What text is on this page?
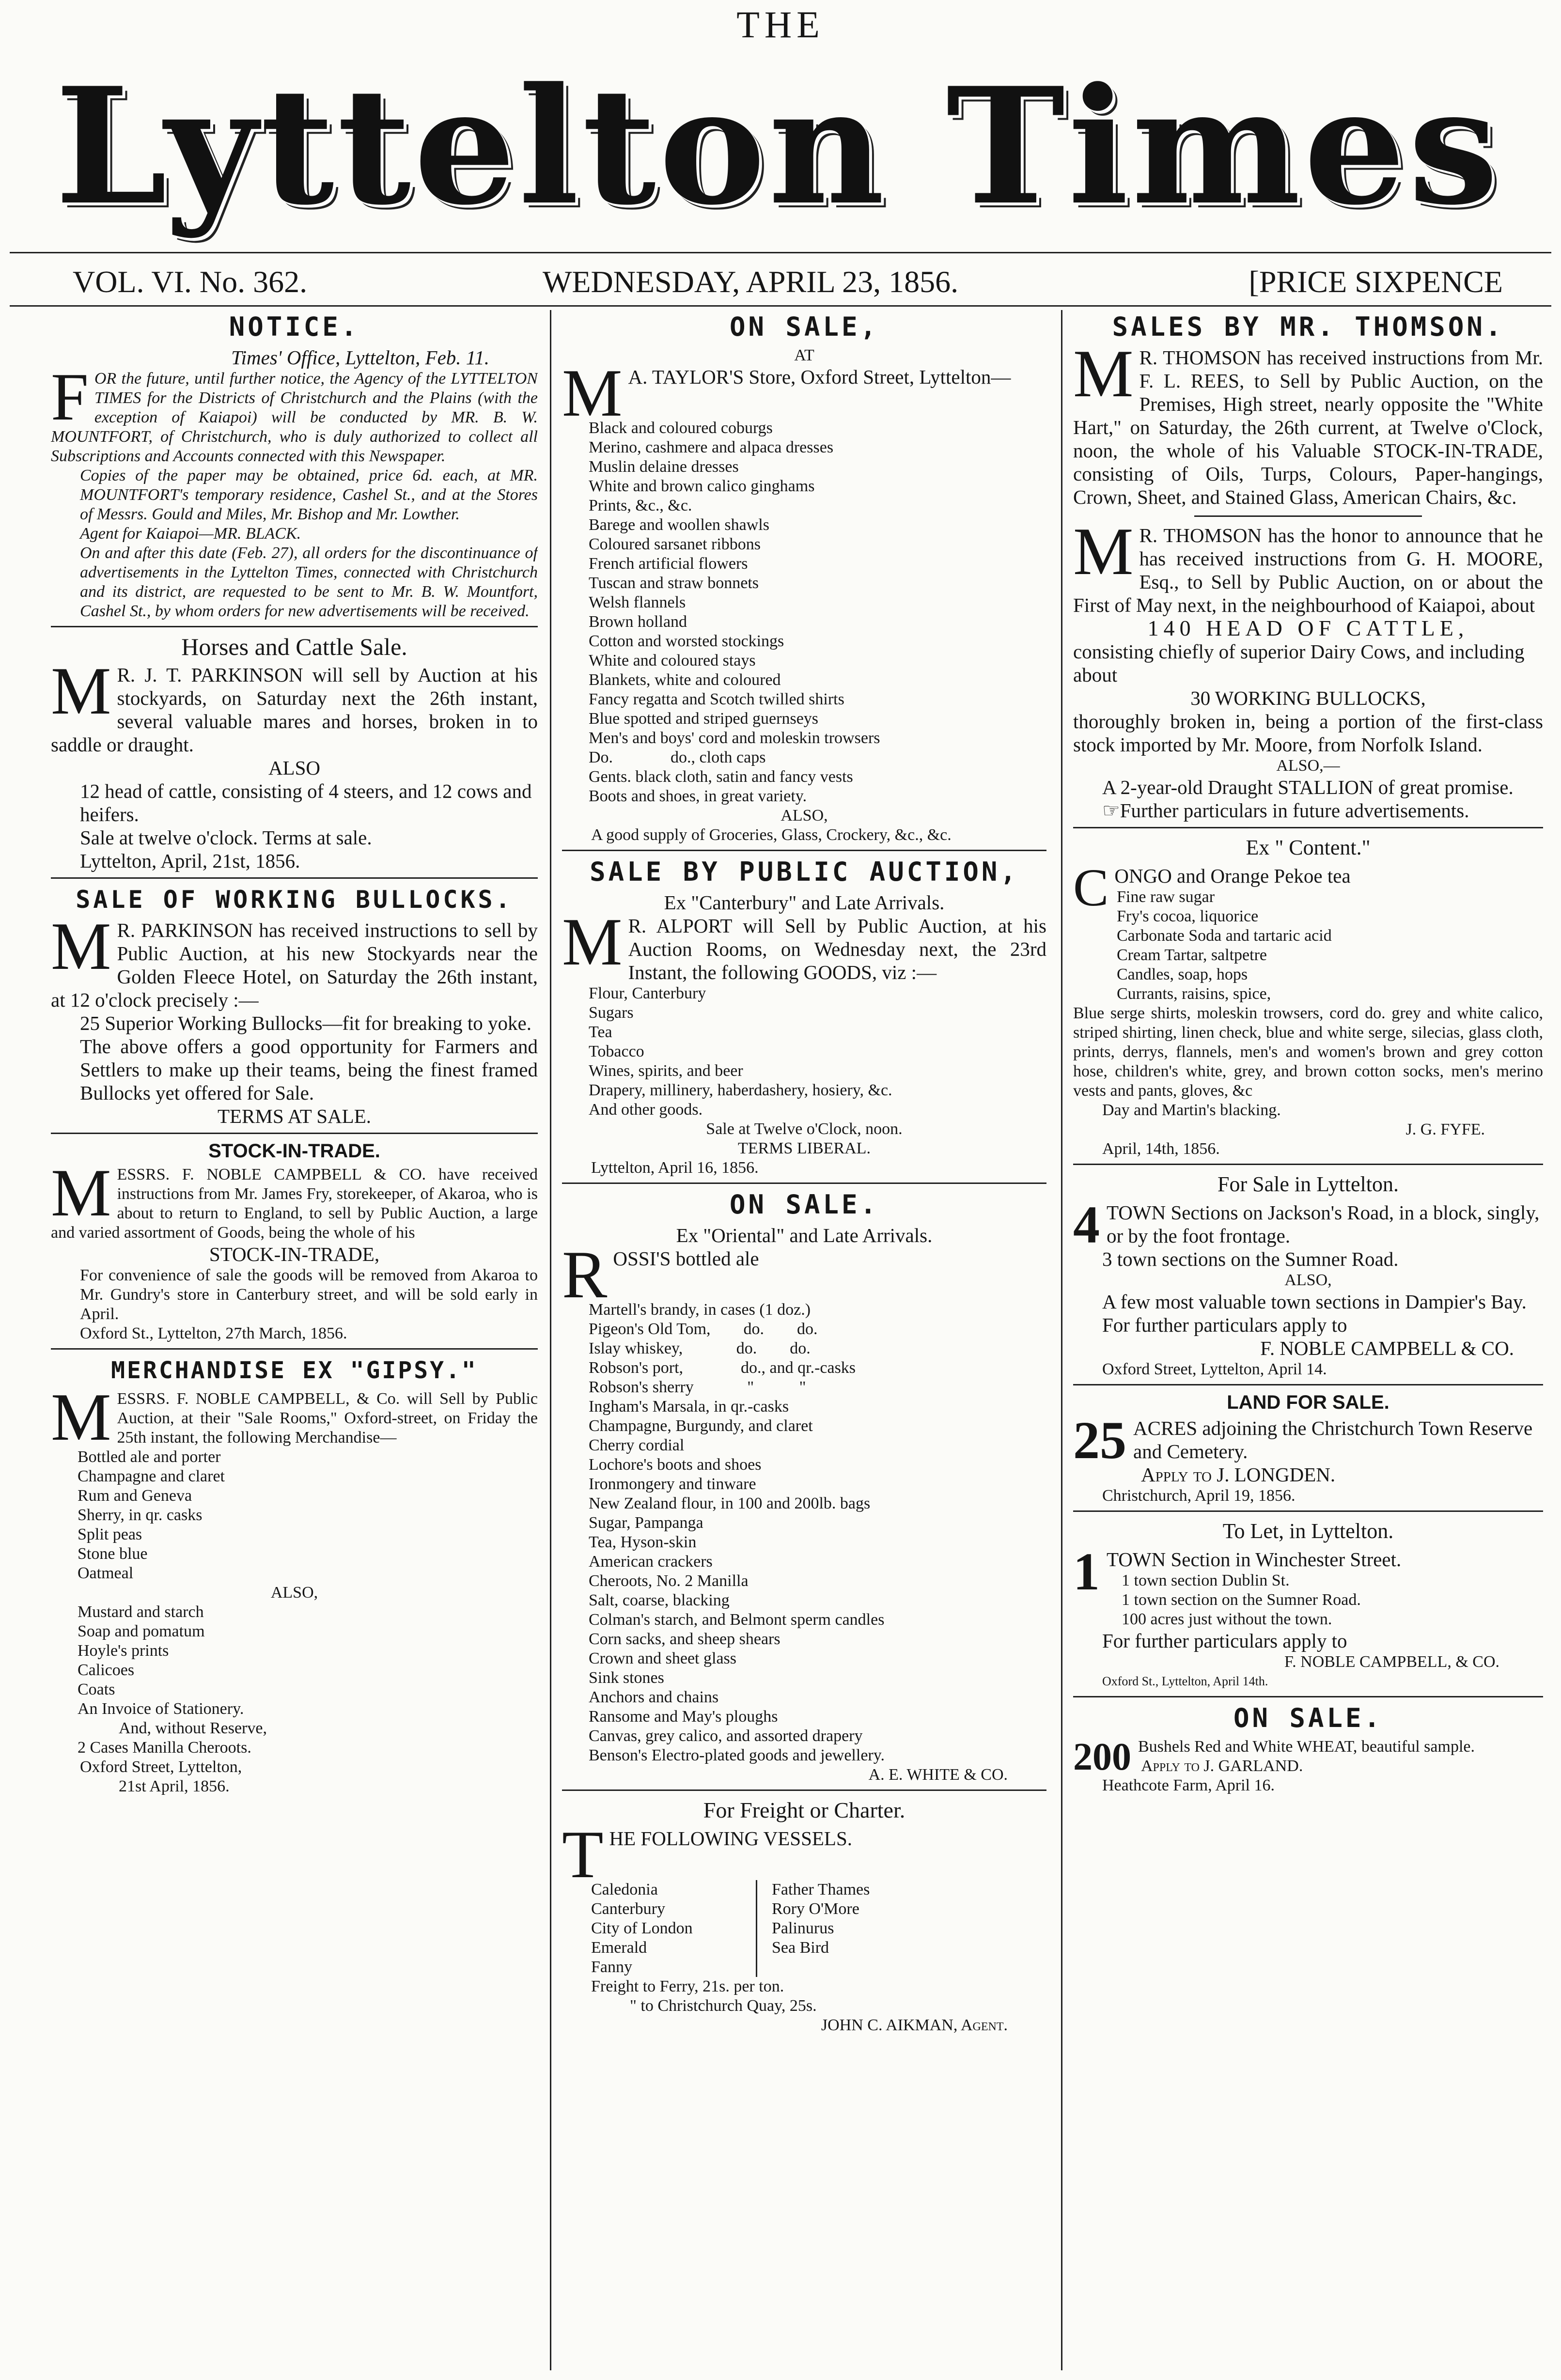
THE
Lyttelton Times
VOL. VI. No. 362.	WEDNESDAY, APRIL 23, 1856.	[PRICE SIXPENCE
NOTICE.

Times' Office, Lyttelton, Feb. 11.

FOR the future, until further notice, the Agency of the LYTTELTON TIMES for the Districts of Christchurch and the Plains (with the exception of Kaiapoi) will be conducted by MR. B. W. MOUNTFORT, of Christchurch, who is duly authorized to collect all Subscriptions and Accounts connected with this Newspaper.

Copies of the paper may be obtained, price 6d. each, at MR. MOUNTFORT's temporary residence, Cashel St., and at the Stores of Messrs. Gould and Miles, Mr. Bishop and Mr. Lowther.

Agent for Kaiapoi—MR. BLACK.

On and after this date (Feb. 27), all orders for the discontinuance of advertisements in the Lyttelton Times, connected with Christchurch and its district, are requested to be sent to Mr. B. W. Mountfort, Cashel St., by whom orders for new advertisements will be received.

Horses and Cattle Sale.

M R. J. T. PARKINSON will sell by Auction at his stockyards, on Saturday next the 26th instant, several valuable mares and horses, broken in to saddle or draught.

ALSO

12 head of cattle, consisting of 4 steers, and 12 cows and heifers.

Sale at twelve o'clock. Terms at sale.

Lyttelton, April, 21st, 1856.

SALE OF WORKING BULLOCKS.

M R. PARKINSON has received instructions to sell by Public Auction, at his new Stockyards near the Golden Fleece Hotel, on Saturday the 26th instant, at 12 o'clock precisely :—

25 Superior Working Bullocks—fit for breaking to yoke.

The above offers a good opportunity for Farmers and Settlers to make up their teams, being the finest framed Bullocks yet offered for Sale.

TERMS AT SALE.

STOCK-IN-TRADE.

MESSRS. F. NOBLE CAMPBELL & CO. have received instructions from Mr. James Fry, storekeeper, of Akaroa, who is about to return to England, to sell by Public Auction, a large and varied assortment of Goods, being the whole of his

STOCK-IN-TRADE,

For convenience of sale the goods will be removed from Akaroa to Mr. Gundry's store in Canterbury street, and will be sold early in April.

Oxford St., Lyttelton, 27th March, 1856.

MERCHANDISE EX "GIPSY."

MESSRS. F. NOBLE CAMPBELL, & Co. will Sell by Public Auction, at their "Sale Rooms," Oxford-street, on Friday the 25th instant, the following Merchandise—

Bottled ale and porter

Champagne and claret

Rum and Geneva

Sherry, in qr. casks

Split peas

Stone blue

Oatmeal

ALSO,

Mustard and starch

Soap and pomatum

Hoyle's prints

Calicoes

Coats

An Invoice of Stationery.

And, without Reserve,

2 Cases Manilla Cheroots.

Oxford Street, Lyttelton,

21st April, 1856.

ON SALE,

AT

M A. TAYLOR'S Store, Oxford Street, Lyttelton—

Black and coloured coburgs

Merino, cashmere and alpaca dresses

Muslin delaine dresses

White and brown calico ginghams

Prints, &c., &c.

Barege and woollen shawls

Coloured sarsanet ribbons

French artificial flowers

Tuscan and straw bonnets

Welsh flannels

Brown holland

Cotton and worsted stockings

White and coloured stays

Blankets, white and coloured

Fancy regatta and Scotch twilled shirts

Blue spotted and striped guernseys

Men's and boys' cord and moleskin trowsers

Do.              do., cloth caps

Gents. black cloth, satin and fancy vests

Boots and shoes, in great variety.

ALSO,

A good supply of Groceries, Glass, Crockery, &c., &c.

SALE BY PUBLIC AUCTION,

Ex "Canterbury" and Late Arrivals.

M R. ALPORT will Sell by Public Auction, at his Auction Rooms, on Wednesday next, the 23rd Instant, the following GOODS, viz :—

Flour, Canterbury

Sugars

Tea

Tobacco

Wines, spirits, and beer

Drapery, millinery, haberdashery, hosiery, &c.

And other goods.

Sale at Twelve o'Clock, noon.

TERMS LIBERAL.

Lyttelton, April 16, 1856.

ON SALE.

Ex "Oriental" and Late Arrivals.

ROSSI'S bottled ale

Martell's brandy, in cases (1 doz.)

Pigeon's Old Tom,        do.        do.

Islay whiskey,             do.        do.

Robson's port,              do., and qr.-casks

Robson's sherry             "           "

Ingham's Marsala, in qr.-casks

Champagne, Burgundy, and claret

Cherry cordial

Lochore's boots and shoes

Ironmongery and tinware

New Zealand flour, in 100 and 200lb. bags

Sugar, Pampanga

Tea, Hyson-skin

American crackers

Cheroots, No. 2 Manilla

Salt, coarse, blacking

Colman's starch, and Belmont sperm candles

Corn sacks, and sheep shears

Crown and sheet glass

Sink stones

Anchors and chains

Ransome and May's ploughs

Canvas, grey calico, and assorted drapery

Benson's Electro-plated goods and jewellery.

A. E. WHITE & CO.

For Freight or Charter.

THE FOLLOWING VESSELS.

Caledonia

Canterbury

City of London

Emerald

Fanny

Father Thames

Rory O'More

Palinurus

Sea Bird

Freight to Ferry, 21s. per ton.

" to Christchurch Quay, 25s.

JOHN C. AIKMAN, Agent.

SALES BY MR. THOMSON.

M R. THOMSON has received instructions from Mr. F. L. REES, to Sell by Public Auction, on the Premises, High street, nearly opposite the "White Hart," on Saturday, the 26th current, at Twelve o'Clock, noon, the whole of his Valuable STOCK-IN-TRADE, consisting of Oils, Turps, Colours, Paper-hangings, Crown, Sheet, and Stained Glass, American Chairs, &c.

M R. THOMSON has the honor to announce that he has received instructions from G. H. MOORE, Esq., to Sell by Public Auction, on or about the First of May next, in the neighbourhood of Kaiapoi, about

140 HEAD OF CATTLE,

consisting chiefly of superior Dairy Cows, and including about

30 WORKING BULLOCKS,

thoroughly broken in, being a portion of the first-class stock imported by Mr. Moore, from Norfolk Island.

ALSO,—

A 2-year-old Draught STALLION of great promise.

☞Further particulars in future advertisements.

Ex " Content."

CONGO and Orange Pekoe tea

Fine raw sugar

Fry's cocoa, liquorice

Carbonate Soda and tartaric acid

Cream Tartar, saltpetre

Candles, soap, hops

Currants, raisins, spice,

Blue serge shirts, moleskin trowsers, cord do. grey and white calico, striped shirting, linen check, blue and white serge, silecias, glass cloth, prints, derrys, flannels, men's and women's brown and grey cotton hose, children's white, grey, and brown cotton socks, men's merino vests and pants, gloves, &c

Day and Martin's blacking.

J. G. FYFE.

April, 14th, 1856.

For Sale in Lyttelton.

4 TOWN Sections on Jackson's Road, in a block, singly, or by the foot frontage.

3 town sections on the Sumner Road.

ALSO,

A few most valuable town sections in Dampier's Bay.

For further particulars apply to

F. NOBLE CAMPBELL & CO.

Oxford Street, Lyttelton, April 14.

LAND FOR SALE.

25 ACRES adjoining the Christchurch Town Reserve and Cemetery.

Apply to J. LONGDEN.

Christchurch, April 19, 1856.

To Let, in Lyttelton.

1 TOWN Section in Winchester Street.

1 town section Dublin St.

1 town section on the Sumner Road.

100 acres just without the town.

For further particulars apply to

F. NOBLE CAMPBELL, & CO.

Oxford St., Lyttelton, April 14th.

ON SALE.

200 Bushels Red and White WHEAT, beautiful sample.

Apply to J. GARLAND.

Heathcote Farm, April 16.
